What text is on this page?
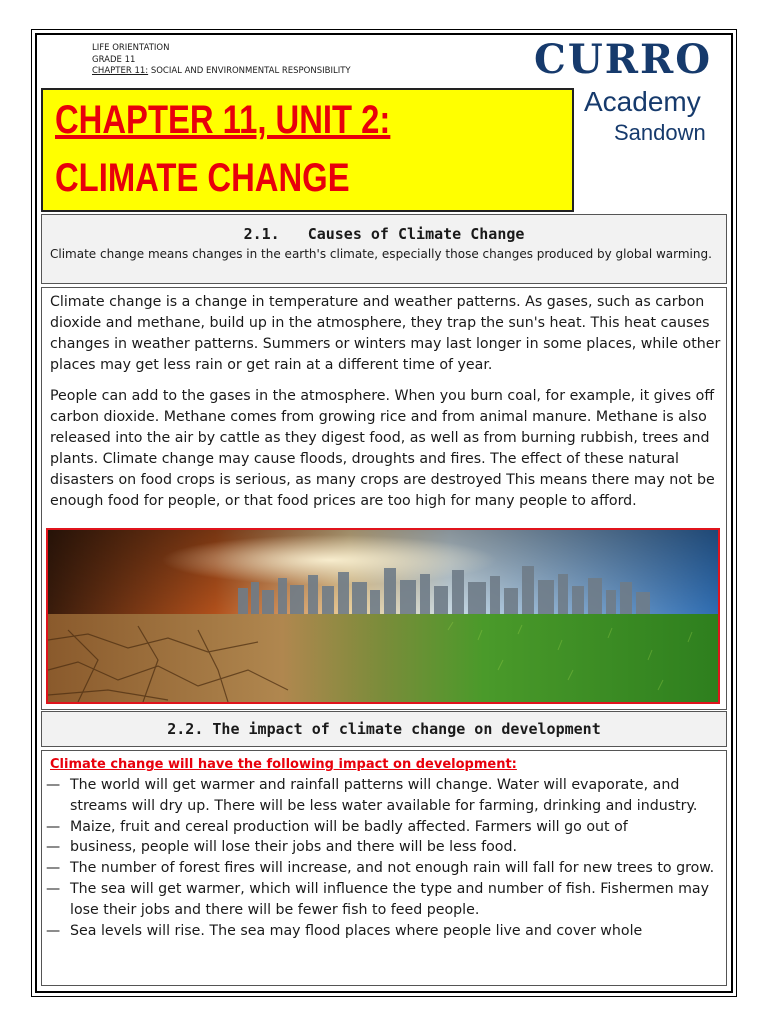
LIFE ORIENTATION
GRADE 11
CHAPTER 11: SOCIAL AND ENVIRONMENTAL RESPONSIBILITY	CURRO
Academy
Sandown
CHAPTER 11, UNIT 2:
CLIMATE CHANGE
2.1. Causes of Climate Change
Climate change means changes in the earth's climate, especially those changes produced by global warming.
Climate change is a change in temperature and weather patterns. As gases, such as carbon dioxide and methane, build up in the atmosphere, they trap the sun's heat. This heat causes changes in weather patterns. Summers or winters may last longer in some places, while other places may get less rain or get rain at a different time of year.
People can add to the gases in the atmosphere. When you burn coal, for example, it gives off carbon dioxide. Methane comes from growing rice and from animal manure. Methane is also released into the air by cattle as they digest food, as well as from burning rubbish, trees and plants. Climate change may cause floods, droughts and fires. The effect of these natural disasters on food crops is serious, as many crops are destroyed This means there may not be enough food for people, or that food prices are too high for many people to afford.
2.2. The impact of climate change on development
Climate change will have the following impact on development:
— The world will get warmer and rainfall patterns will change. Water will evaporate, and streams will dry up. There will be less water available for farming, drinking and industry.
— Maize, fruit and cereal production will be badly affected. Farmers will go out of
— business, people will lose their jobs and there will be less food.
— The number of forest fires will increase, and not enough rain will fall for new trees to grow.
— The sea will get warmer, which will influence the type and number of fish. Fishermen may lose their jobs and there will be fewer fish to feed people.
— Sea levels will rise. The sea may flood places where people live and cover whole
